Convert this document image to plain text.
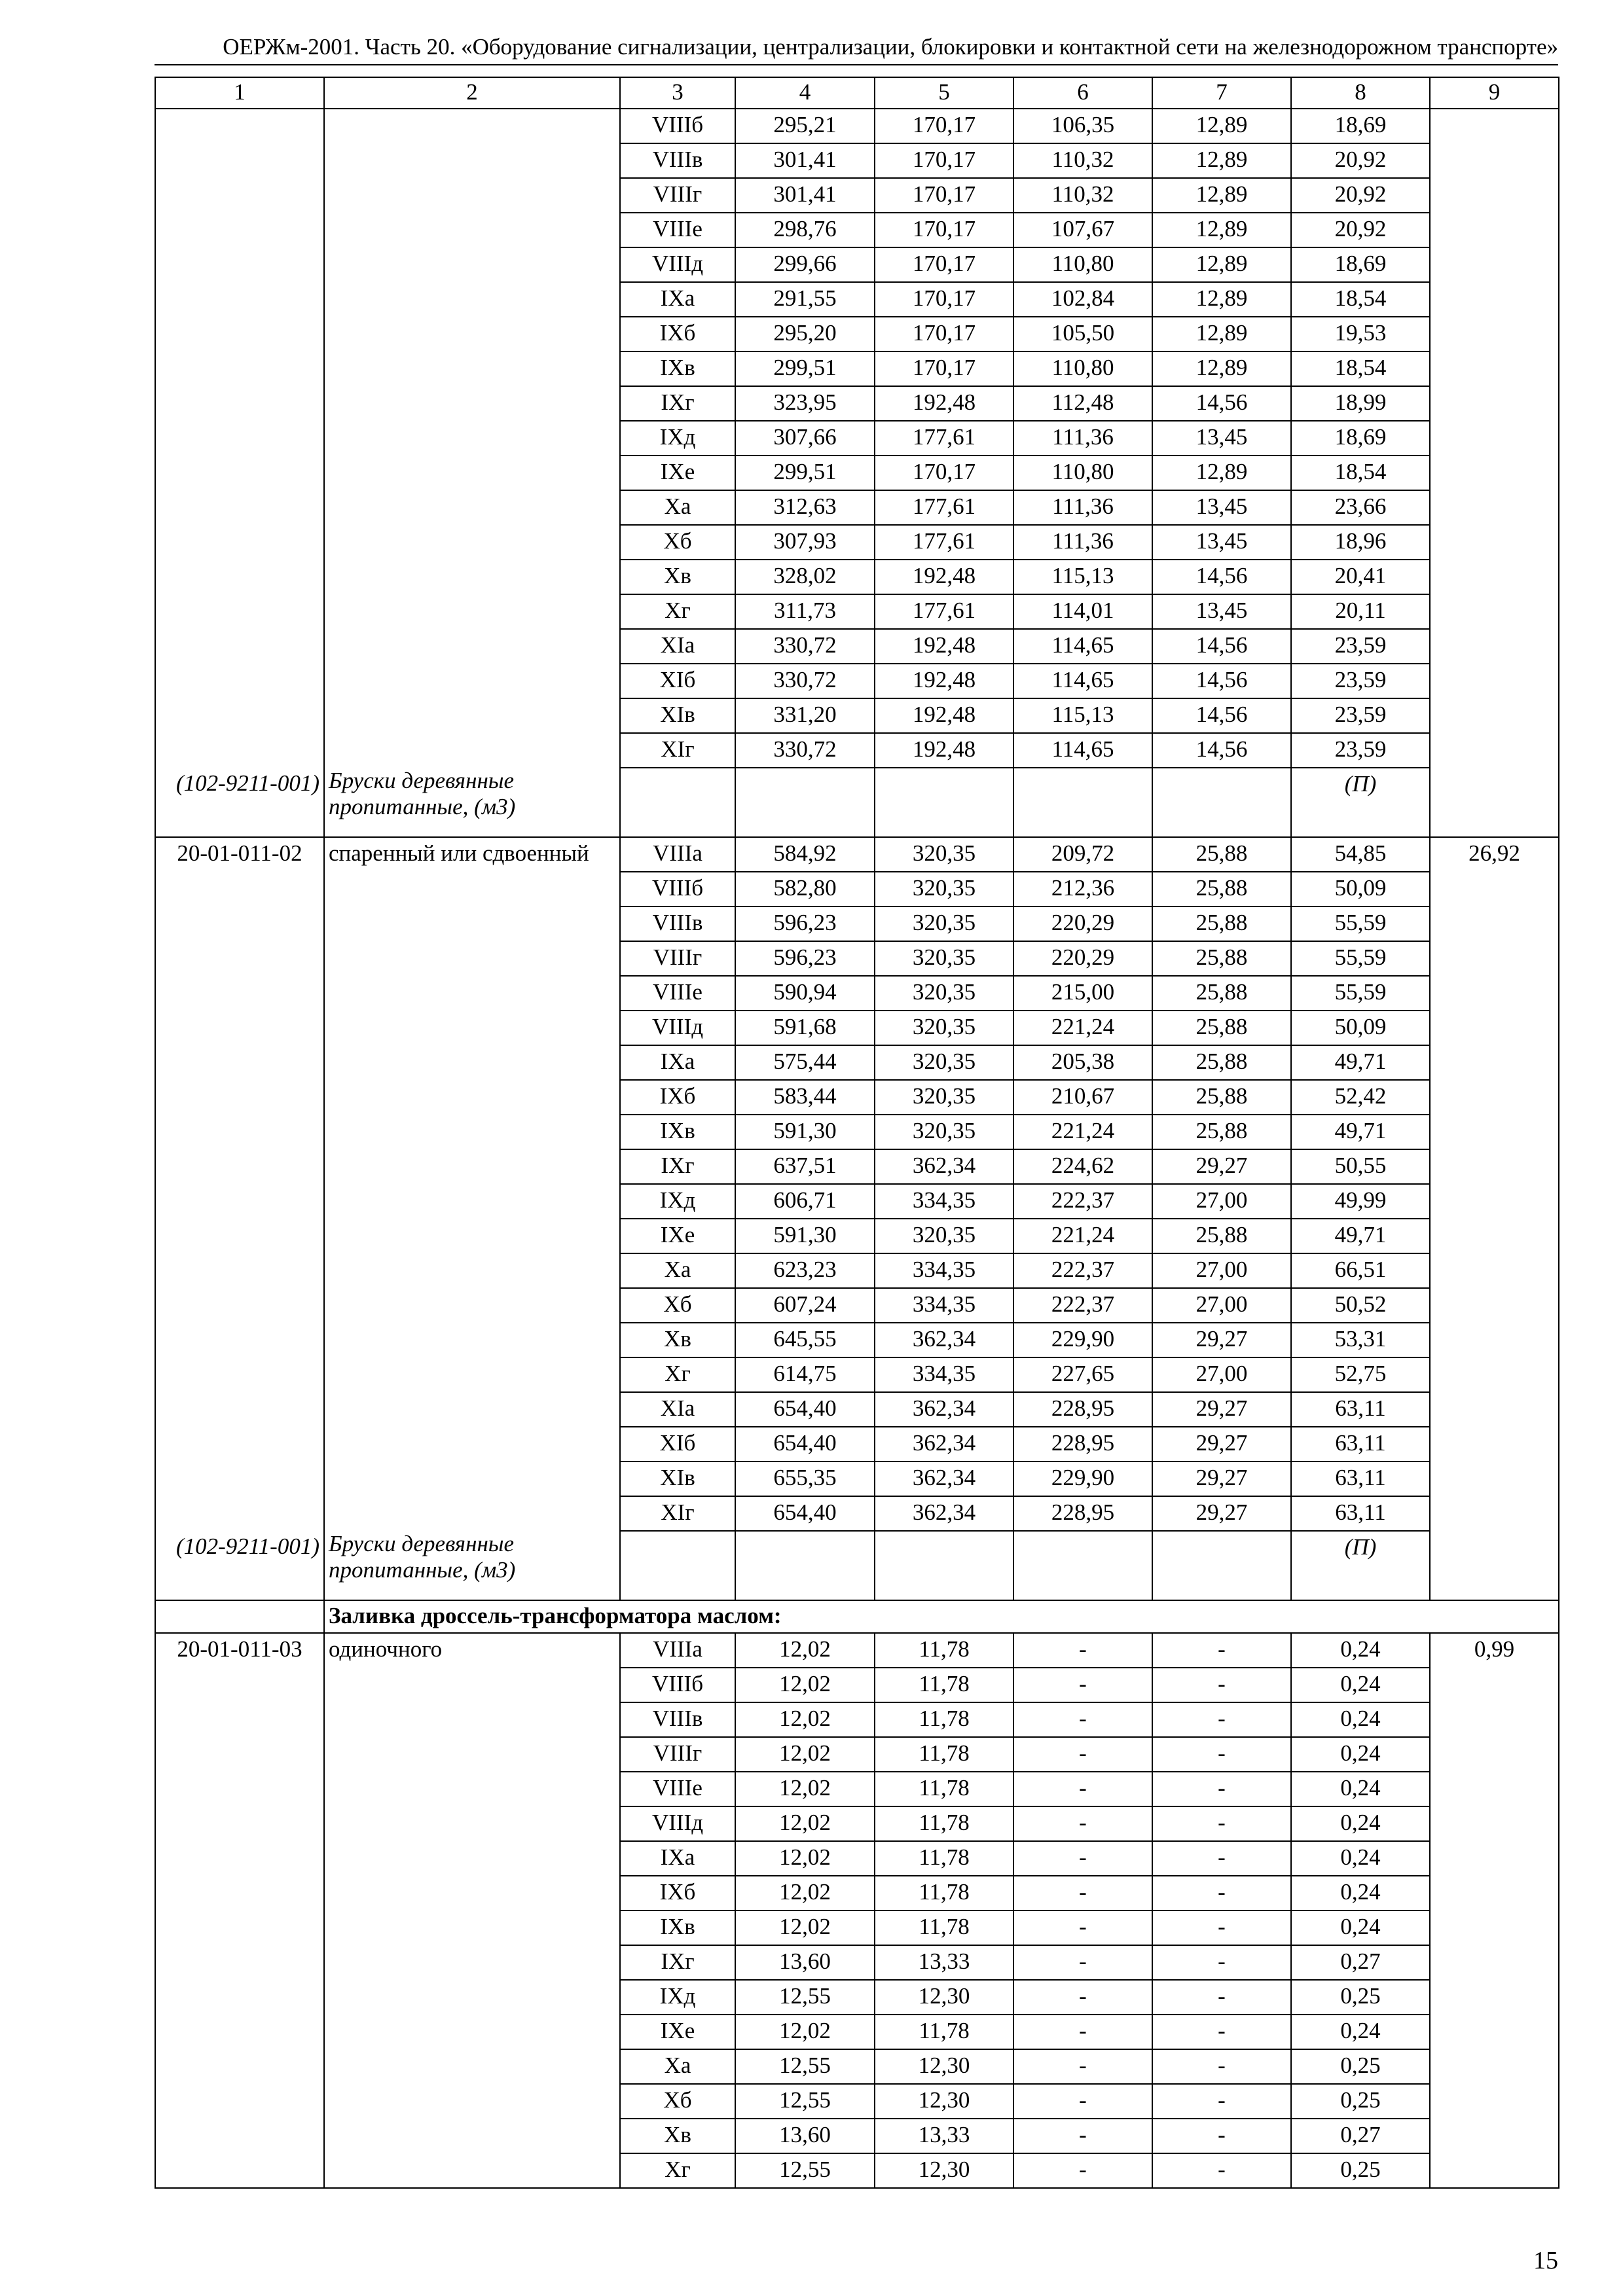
ОЕРЖм-2001. Часть 20. «Оборудование сигнализации, централизации, блокировки и контактной сети на железнодорожном транспорте»
1	2	3	4	5	6	7	8	9
		VIIIб	295,21	170,17	106,35	12,89	18,69	
		VIIIв	301,41	170,17	110,32	12,89	20,92	
		VIIIг	301,41	170,17	110,32	12,89	20,92	
		VIIIе	298,76	170,17	107,67	12,89	20,92	
		VIIIд	299,66	170,17	110,80	12,89	18,69	
		IXа	291,55	170,17	102,84	12,89	18,54	
		IXб	295,20	170,17	105,50	12,89	19,53	
		IXв	299,51	170,17	110,80	12,89	18,54	
		IXг	323,95	192,48	112,48	14,56	18,99	
		IXд	307,66	177,61	111,36	13,45	18,69	
		IXе	299,51	170,17	110,80	12,89	18,54	
		Xа	312,63	177,61	111,36	13,45	23,66	
		Xб	307,93	177,61	111,36	13,45	18,96	
		Xв	328,02	192,48	115,13	14,56	20,41	
		Xг	311,73	177,61	114,01	13,45	20,11	
		XIа	330,72	192,48	114,65	14,56	23,59	
		XIб	330,72	192,48	114,65	14,56	23,59	
		XIв	331,20	192,48	115,13	14,56	23,59	
		XIг	330,72	192,48	114,65	14,56	23,59	

(102-9211-001)	Бруски деревянные пропитанные, (м3)						(П)	

20-01-011-02	спаренный или сдвоенный	VIIIа	584,92	320,35	209,72	25,88	54,85	26,92
		VIIIб	582,80	320,35	212,36	25,88	50,09	
		VIIIв	596,23	320,35	220,29	25,88	55,59	
		VIIIг	596,23	320,35	220,29	25,88	55,59	
		VIIIе	590,94	320,35	215,00	25,88	55,59	
		VIIIд	591,68	320,35	221,24	25,88	50,09	
		IXа	575,44	320,35	205,38	25,88	49,71	
		IXб	583,44	320,35	210,67	25,88	52,42	
		IXв	591,30	320,35	221,24	25,88	49,71	
		IXг	637,51	362,34	224,62	29,27	50,55	
		IXд	606,71	334,35	222,37	27,00	49,99	
		IXе	591,30	320,35	221,24	25,88	49,71	
		Xа	623,23	334,35	222,37	27,00	66,51	
		Xб	607,24	334,35	222,37	27,00	50,52	
		Xв	645,55	362,34	229,90	29,27	53,31	
		Xг	614,75	334,35	227,65	27,00	52,75	
		XIа	654,40	362,34	228,95	29,27	63,11	
		XIб	654,40	362,34	228,95	29,27	63,11	
		XIв	655,35	362,34	229,90	29,27	63,11	
		XIг	654,40	362,34	228,95	29,27	63,11	

(102-9211-001)	Бруски деревянные пропитанные, (м3)						(П)	

	Заливка дроссель-трансформатора маслом:							
20-01-011-03	одиночного	VIIIа	12,02	11,78	-	-	0,24	0,99
		VIIIб	12,02	11,78	-	-	0,24	
		VIIIв	12,02	11,78	-	-	0,24	
		VIIIг	12,02	11,78	-	-	0,24	
		VIIIе	12,02	11,78	-	-	0,24	
		VIIIд	12,02	11,78	-	-	0,24	
		IXа	12,02	11,78	-	-	0,24	
		IXб	12,02	11,78	-	-	0,24	
		IXв	12,02	11,78	-	-	0,24	
		IXг	13,60	13,33	-	-	0,27	
		IXд	12,55	12,30	-	-	0,25	
		IXе	12,02	11,78	-	-	0,24	
		Xа	12,55	12,30	-	-	0,25	
		Xб	12,55	12,30	-	-	0,25	
		Xв	13,60	13,33	-	-	0,27	
		Xг	12,55	12,30	-	-	0,25	
15
